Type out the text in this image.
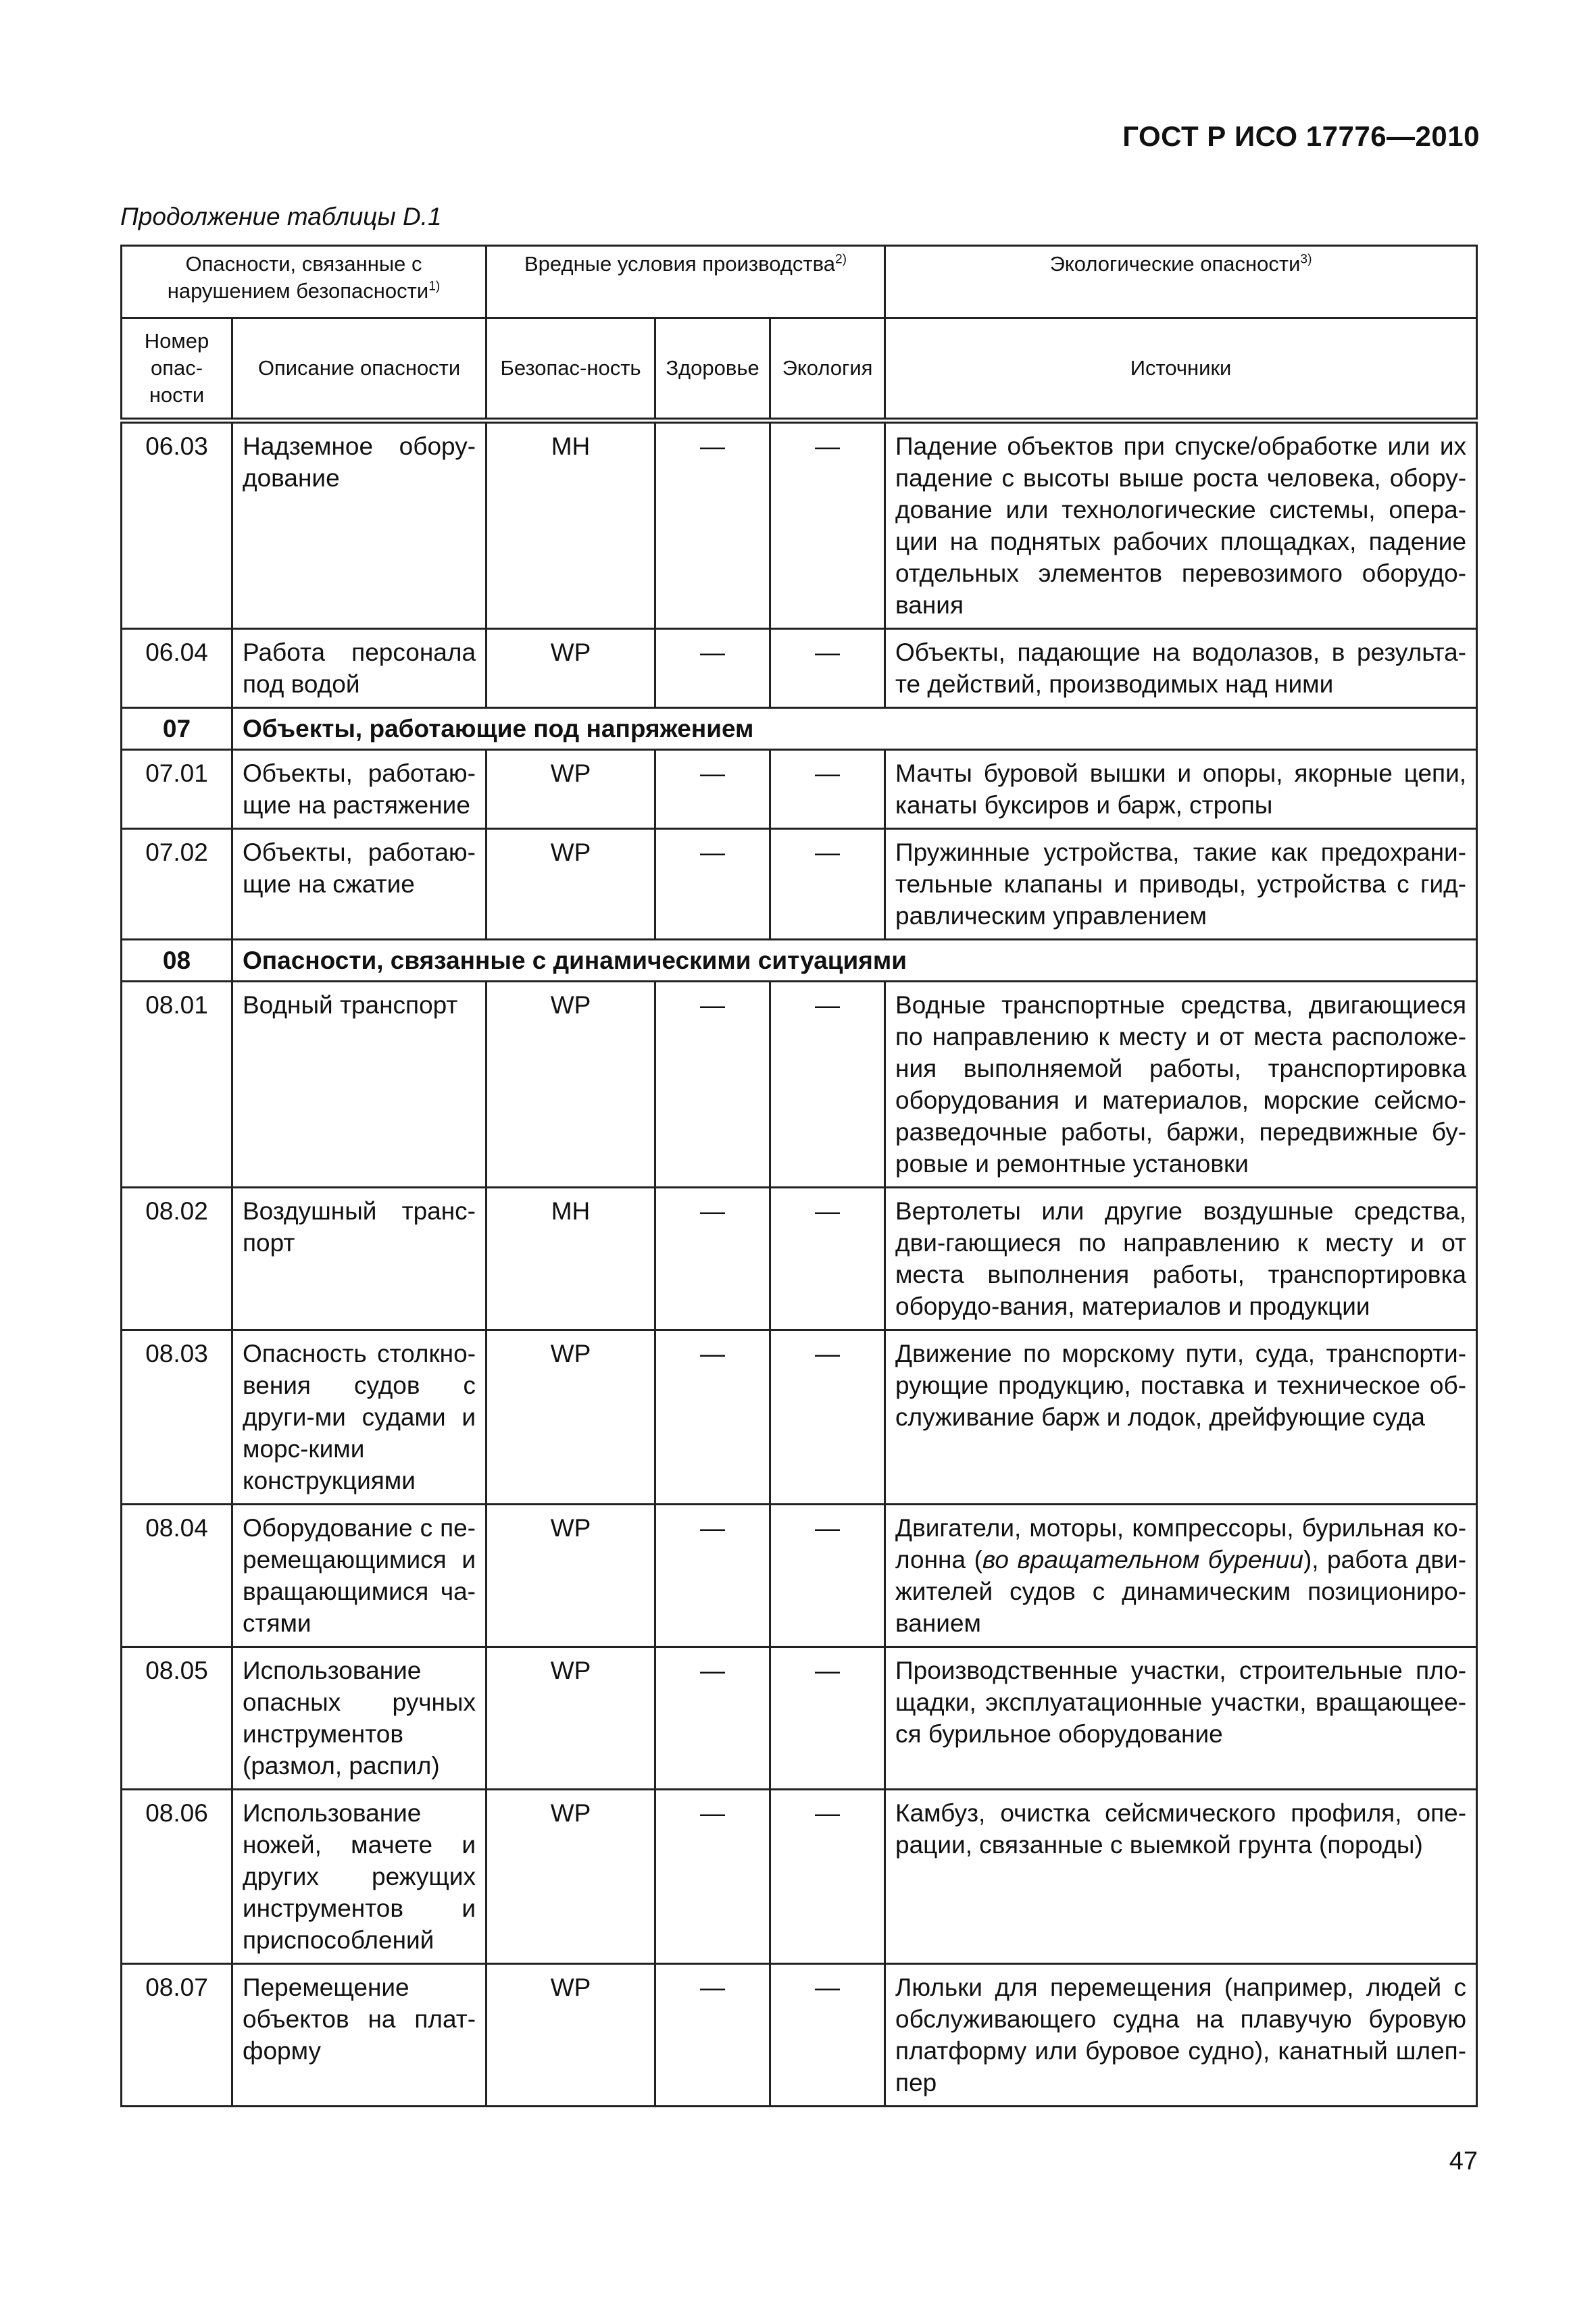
ГОСТ Р ИСО 17776—2010
Продолжение таблицы D.1
Опасности, связанные с нарушением безопасности$^{1)}$		Вредные условия производства$^{2)}$			Экологические опасности$^{3)}$
Номер опас-ности	Описание опасности	Безопас-ность	Здоровье	Экология	Источники
06.03	Надземное обору-дование	MH	—	—	Падение объектов при спуске/обработке или их падение с высоты выше роста человека, обору-дование или технологические системы, опера-ции на поднятых рабочих площадках, падение отдельных элементов перевозимого оборудо-вания
06.04	Работа персонала под водой	WP	—	—	Объекты, падающие на водолазов, в результа-те действий, производимых над ними
07	Объекты, работающие под напряжением				
07.01	Объекты, работаю-щие на растяжение	WP	—	—	Мачты буровой вышки и опоры, якорные цепи, канаты буксиров и барж, стропы
07.02	Объекты, работаю-щие на сжатие	WP	—	—	Пружинные устройства, такие как предохрани-тельные клапаны и приводы, устройства с гид-равлическим управлением
08	Опасности, связанные с динамическими ситуациями				
08.01	Водный транспорт	WP	—	—	Водные транспортные средства, двигающиеся по направлению к месту и от места расположе-ния выполняемой работы, транспортировка оборудования и материалов, морские сейсмо-разведочные работы, баржи, передвижные бу-ровые и ремонтные установки
08.02	Воздушный транс-порт	MH	—	—	Вертолеты или другие воздушные средства, дви-гающиеся по направлению к месту и от места выполнения работы, транспортировка оборудо-вания, материалов и продукции
08.03	Опасность столкно-вения судов с други-ми судами и морс-кими конструкциями	WP	—	—	Движение по морскому пути, суда, транспорти-рующие продукцию, поставка и техническое об-служивание барж и лодок, дрейфующие суда
08.04	Оборудование с пе-ремещающимися и вращающимися ча-стями	WP	—	—	Двигатели, моторы, компрессоры, бурильная ко-лонна (во вращательном бурении), работа дви-жителей судов с динамическим позициониро-ванием
08.05	Использование опасных ручных инструментов (размол, распил)	WP	—	—	Производственные участки, строительные пло-щадки, эксплуатационные участки, вращающее-ся бурильное оборудование
08.06	Использование ножей, мачете и других режущих инструментов и приспособлений	WP	—	—	Камбуз, очистка сейсмического профиля, опе-рации, связанные с выемкой грунта (породы)
08.07	Перемещение объектов на плат-форму	WP	—	—	Люльки для перемещения (например, людей с обслуживающего судна на плавучую буровую платформу или буровое судно), канатный шлеп-пер
47
